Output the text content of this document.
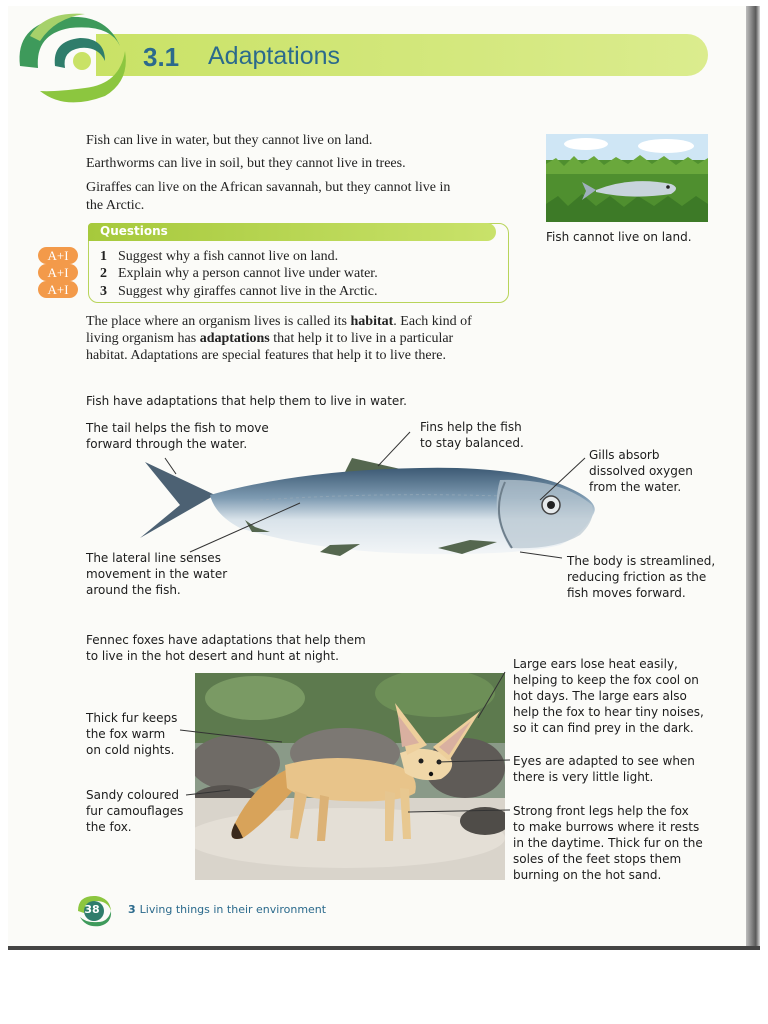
3.1 Adaptations
Fish can live in water, but they cannot live on land.
Earthworms can live in soil, but they cannot live in trees.
Giraffes can live on the African savannah, but they cannot live in
the Arctic.
Questions
A+I
A+I
A+I
1 Suggest why a fish cannot live on land.
2 Explain why a person cannot live under water.
3 Suggest why giraffes cannot live in the Arctic.
Fish cannot live on land.
The place where an organism lives is called its habitat. Each kind of
living organism has adaptations that help it to live in a particular
habitat. Adaptations are special features that help it to live there.
Fish have adaptations that help them to live in water.
The tail helps the fish to move
forward through the water.
Fins help the fish
to stay balanced.
Gills absorb
dissolved oxygen
from the water.
The lateral line senses
movement in the water
around the fish.
The body is streamlined,
reducing friction as the
fish moves forward.
Fennec foxes have adaptations that help them
to live in the hot desert and hunt at night.
Large ears lose heat easily,
helping to keep the fox cool on
hot days. The large ears also
help the fox to hear tiny noises,
so it can find prey in the dark.
Thick fur keeps
the fox warm
on cold nights.
Eyes are adapted to see when
there is very little light.
Sandy coloured
fur camouflages
the fox.
Strong front legs help the fox
to make burrows where it rests
in the daytime. Thick fur on the
soles of the feet stops them
burning on the hot sand.
38	3 Living things in their environment
